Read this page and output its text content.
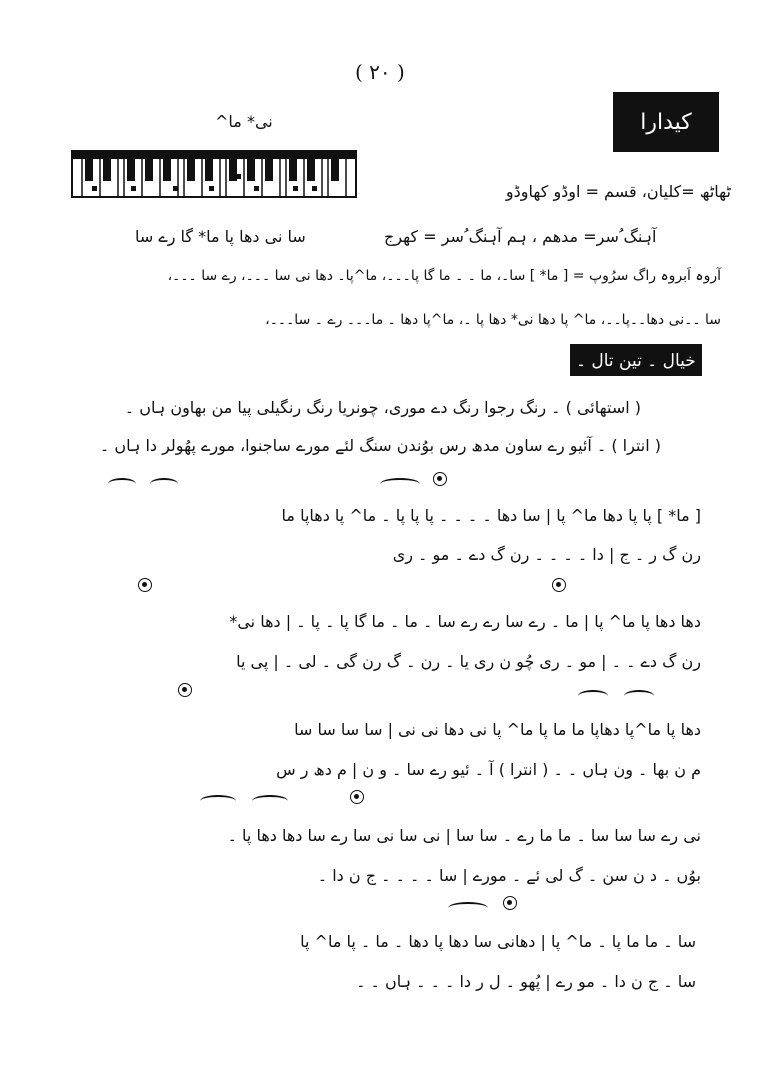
( ۲۰ )
کیدارا
نی* ما^
ٹھاٹھ =کلیان، قسم = اوڈو کھاوڈو
آہنگ ُسر= مدھم ، ہم آہنگ ُسر = کھرج
سا نی دھا پا ما* گا رے سا
آروہ اَبروہ راگ سرُوپ = [ ما* ] سا۔، ما ۔ ۔ ما گا پا۔۔۔، ما^پا۔ دھا نی سا ۔۔۔، رے سا ۔۔۔،
سا ۔۔نی دھا۔۔پا۔۔، ما^ پا دھا نی* دھا پا ۔، ما^پا دھا ۔ ما۔۔۔ رے ۔ سا۔۔۔،
خیال ۔ تین تال ۔
( استھائی ) ۔ رنگ رجوا رنگ دے موری، چونریا رنگ رنگیلی پیا من بھاون ہاں ۔
( انترا ) ۔ آئیو رے ساون مدھ رس بوُندن سنگ لئے مورے ساجنوا، مورے پھُولر دا ہاں ۔
[ ما* ] پا پا دھا ما^ پا | سا دھا ۔ ۔ ۔ ۔ پا پا پا ۔ ما^ پا دھاپا ما
رن گ ر ۔ ج | دا ۔ ۔ ۔ ۔ رن گ دے ۔ مو ۔ ری
دھا دھا پا ما^ پا | ما ۔ رے سا رے رے سا ۔ ما ۔ ما گا پا ۔ پا ۔ | دھا نی*
رن گ دے ۔ ۔ | مو ۔ ری چُو ن ری یا ۔ رن ۔ گ رن گی ۔ لی ۔ | پی یا
دھا پا ما^پا دھاپا ما ما پا ما^ پا نی دھا نی نی | سا سا سا سا
م ن بھا ۔ ون ہاں ۔ ۔ ( انترا ) آ ۔ ئیو رے سا ۔ و ن | م دھ ر س
نی رے سا سا سا ۔ ما ما رے ۔ سا سا | نی سا نی سا رے سا دھا دھا پا ۔
بوُں ۔ د ن سن ۔ گ لی ئے ۔ مورے | سا ۔ ۔ ۔ ۔ ج ن دا ۔
سا ۔ ما ما پا ۔ ما^ پا | دھانی سا دھا پا دھا ۔ ما ۔ پا ما^ پا
سا ۔ ج ن دا ۔ مو رے | پُھو ۔ ل ر دا ۔ ۔ ۔ ہاں ۔ ۔
